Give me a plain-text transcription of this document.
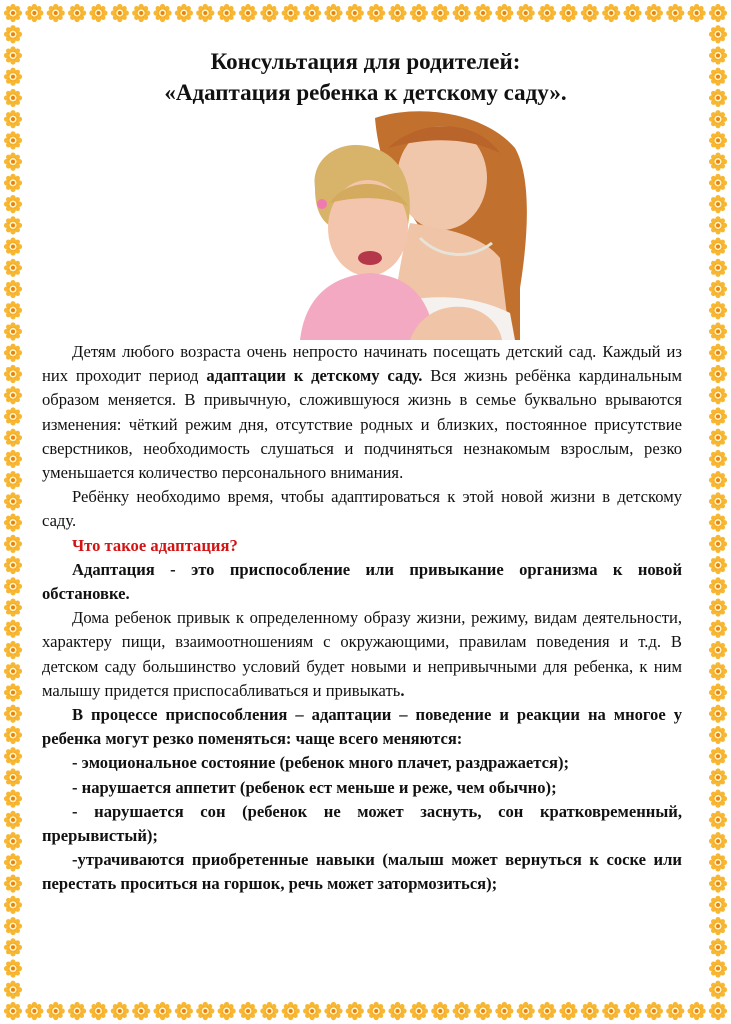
Консультация для родителей:
«Адаптация ребенка к детскому саду».

Детям любого возраста очень непросто начинать посещать детский сад. Каждый из них проходит период адаптации к детскому саду. Вся жизнь ребёнка кардинальным образом меняется. В привычную, сложившуюся жизнь в семье буквально врываются изменения: чёткий режим дня, отсутствие родных и близких, постоянное присутствие сверстников, необходимость слушаться и подчиняться незнакомым взрослым, резко уменьшается количество персонального внимания.

Ребёнку необходимо время, чтобы адаптироваться к этой новой жизни в детскому саду.

Что такое адаптация?

Адаптация - это приспособление или привыкание организма к новой обстановке.

Дома ребенок привык к определенному образу жизни, режиму, видам деятельности, характеру пищи, взаимоотношениям с окружающими, правилам поведения и т.д. В детском саду большинство условий будет новыми и непривычными для ребенка, к ним малышу придется приспосабливаться и привыкать.

В процессе приспособления – адаптации – поведение и реакции на многое у ребенка могут резко поменяться: чаще всего меняются:

- эмоциональное состояние (ребенок много плачет, раздражается);

- нарушается аппетит (ребенок ест меньше и реже, чем обычно);

- нарушается сон (ребенок не может заснуть, сон кратковременный, прерывистый);

-утрачиваются приобретенные навыки (малыш может вернуться к соске или перестать проситься на горшок, речь может затормозиться);
